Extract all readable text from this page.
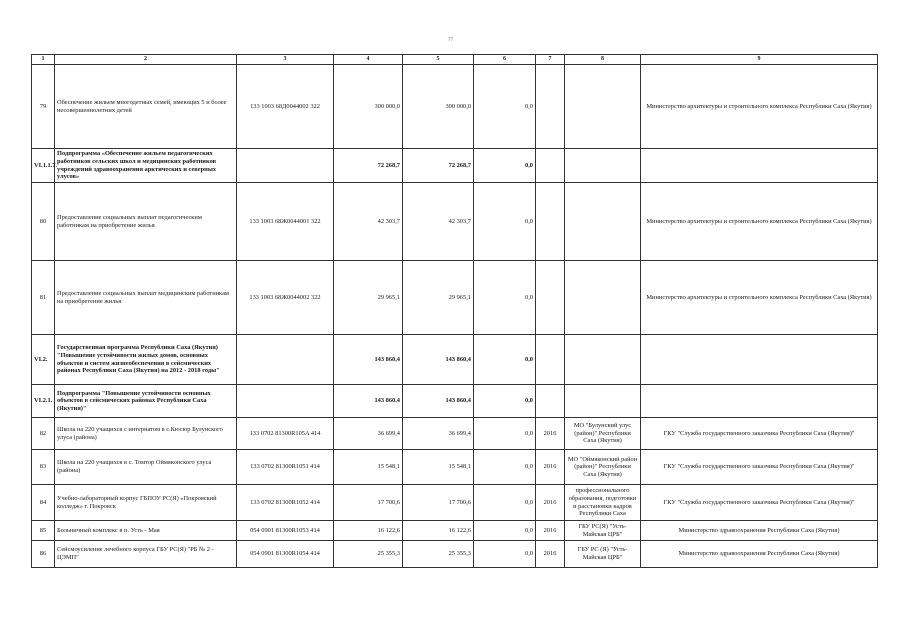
77
1	2	3	4	5	6	7	8	9
79	Обеспечение жильем многодетных семей, имеющих 5 и более несовершеннолетних детей	133 1003 68Д0044002 322	300 000,0	300 000,0	0,0			Министерство архитектуры и строительного комплекса Республики Саха (Якутия)
VI.1.1.7.	Подпрограмма «Обеспечение жильем педагогических работников сельских школ и медицинских работников учреждений здравоохранения арктических и северных улусов»		72 268,7	72 268,7	0,0			
80	Предоставление социальных выплат педагогическим работникам на приобретение жилья	133 1003 68Ж0044001 322	42 303,7	42 303,7	0,0			Министерство архитектуры и строительного комплекса Республики Саха (Якутия)
81	Предоставление социальных выплат медицинским работникам на приобретение жилья	133 1003 68Ж0044002 322	29 965,1	29 965,1	0,0			Министерство архитектуры и строительного комплекса Республики Саха (Якутия)
VI.2.	Государственная программа Республики Саха (Якутия) "Повышение устойчивости жилых домов, основных объектов и систем жизнеобеспечения в сейсмических районах Республики Саха (Якутия) на 2012 - 2018 годы"		143 860,4	143 860,4	0,0			
VI.2.1.	Подпрограмма "Повышение устойчивости основных объектов в сейсмических районах Республики Саха (Якутия)"		143 860,4	143 860,4	0,0			
82	Школа на 220 учащихся с интернатом в с.Кюсюр Булунского улуса (района)	133 0702 81300R105A 414	36 699,4	36 699,4	0,0	2016	МО "Булунский улус (район)" Республики Саха (Якутия)	ГКУ "Служба государственного заказчика Республики Саха (Якутия)"
83	Школа на 220 учащихся в с. Томтор Оймяконского улуса (района)	133 0702 81300R1051 414	15 548,1	15 548,1	0,0	2016	МО "Оймяконский район (район)" Республики Саха (Якутия)	ГКУ "Служба государственного заказчика Республики Саха (Якутия)"
84	Учебно-лабораторный корпус ГБПОУ РС(Я) «Покровский колледж» г. Покровск	133 0702 81300R1052 414	17 700,6	17 700,6	0,0	2016	профессионального образования, подготовки и расстановки кадров Республики Саха	ГКУ "Служба государственного заказчика Республики Саха (Якутия)"
85	Больничный комплекс в п. Усть - Мая	054 0901 81300R1053 414	16 122,6	16 122,6	0,0	2016	ГБУ РС(Я) "Усть-Майская ЦРБ"	Министерство здравоохранения Республики Саха (Якутия)
86	Сейсмоусиление лечебного корпуса ГБУ РС(Я) "РБ № 2 - ЦЭМП"	054 0901 81300R1054 414	25 355,3	25 355,3	0,0	2016	ГБУ РС (Я) "Усть-Майская ЦРБ"	Министерство здравоохранения Республики Саха (Якутия)
